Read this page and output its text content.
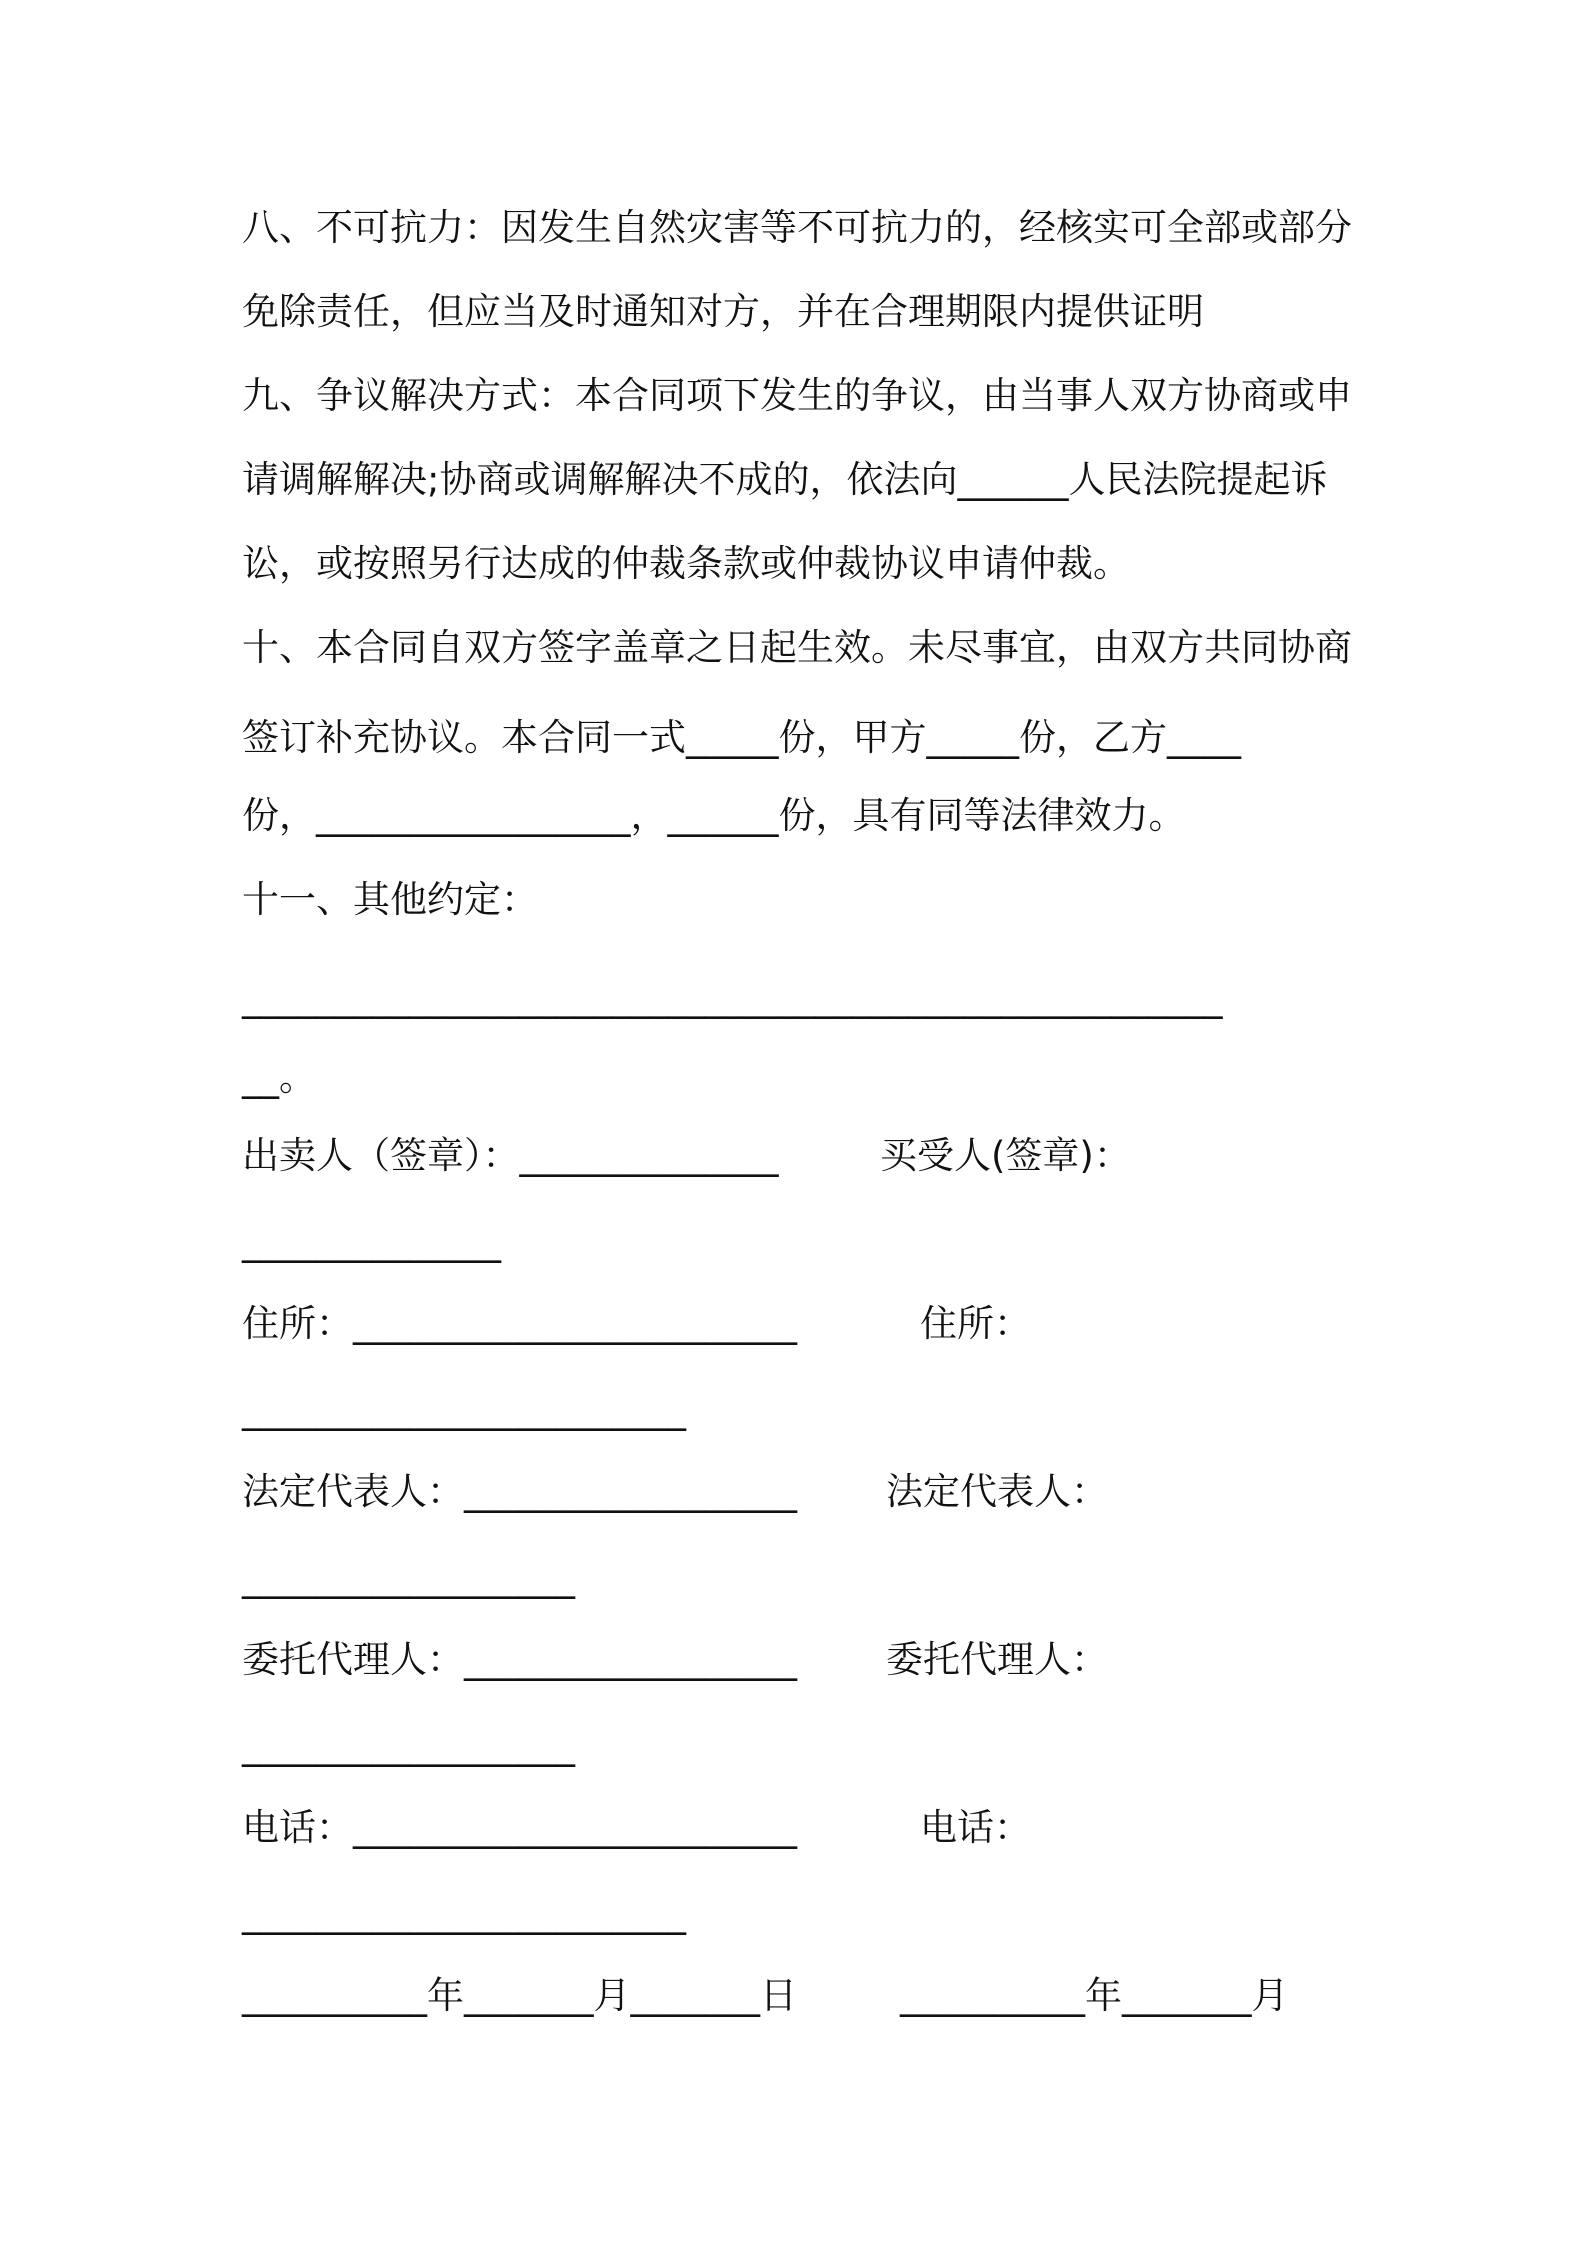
八、不可抗力：因发生自然灾害等不可抗力的，经核实可全部或部分
免除责任，但应当及时通知对方，并在合理期限内提供证明
九、争议解决方式：本合同项下发生的争议，由当事人双方协商或申
请调解解决;协商或调解解决不成的，依法向______人民法院提起诉
讼，或按照另行达成的仲裁条款或仲裁协议申请仲裁。
十、本合同自双方签字盖章之日起生效。未尽事宜，由双方共同协商
签订补充协议。本合同一式_____份，甲方_____份，乙方____
份，_________________，______份，具有同等法律效力。
十一、其他约定：
_____________________________________________________
__。
出卖人（签章）：______________	买受人(签章)：
______________
住所：________________________	住所：
________________________
法定代表人：__________________ 法定代表人：
__________________
委托代理人：__________________ 委托代理人：
__________________
电话：________________________	电话：
________________________
__________年_______月_______日	__________年_______月
